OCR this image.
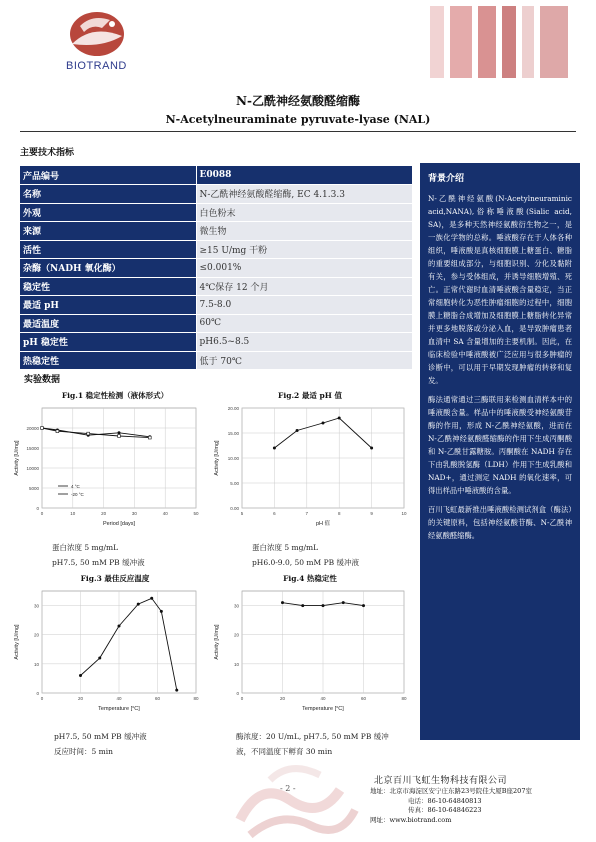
BIOTRAND
N-乙酰神经氨酸醛缩酶
N-Acetylneuraminate pyruvate-lyase (NAL)
主要技术指标
产品编号	E0088
名称	N-乙酰神经氨酸醛缩酶, EC 4.1.3.3
外观	白色粉末
来源	微生物
活性	≥15 U/mg 干粉
杂酶（NADH 氧化酶）	≤0.001%
稳定性	4℃保存 12 个月
最适 pH	7.5-8.0
最适温度	60℃
pH 稳定性	pH6.5~8.5
热稳定性	低于 70℃
背景介绍

N-乙酰神经氨酸(N-Acetylneuraminic acid,NANA),俗称唾液酸(Sialic acid, SA)，是多种天然神经氨酸衍生物之一，是一族化学物的总称。唾液酸存在于人体各种组织，唾液酸是真核细胞膜上糖蛋白、糖脂的重要组成部分，与细胞识别、分化及黏附有关，参与受体组成，并诱导细胞增殖、死亡。正常代谢时血清唾液酸含量稳定，当正常细胞转化为恶性肿瘤细胞的过程中，细胞膜上糖脂合成增加及细胞膜上糖脂转化异常并更多地脱落或分泌入血，是导致肿瘤患者血清中 SA 含量增加的主要机制。因此，在临床检验中唾液酸被广泛应用与很多肿瘤的诊断中，可以用于早期发现肿瘤的转移和复发。

酶法通常通过三酶联用来检测血清样本中的唾液酸含量。样品中的唾液酸受神经氨酸苷酶的作用，形成 N-乙酰神经氨酸，进而在 N-乙酰神经氨酸醛缩酶的作用下生成丙酮酸和 N-乙酰甘露糖胺。丙酮酸在 NADH 存在下由乳酸脱氢酶（LDH）作用下生成乳酸和 NAD+，通过测定 NADH 的氧化速率，可得出样品中唾液酸的含量。

百川飞虹最新推出唾液酸检测试剂盒（酶法）的关键原料，包括神经氨酸苷酶、N-乙酰神经氨酸醛缩酶。

实验数据
Fig.1 稳定性检测（液体形式）
0
5000
10000
15000
20000
0	10	20	30	40	50
Period [days]
Activity [U/mg]
4 °C
-20 °C
蛋白浓度 5 mg/mL
pH7.5, 50 mM PB 缓冲液
Fig.2 最适 pH 值
0.00
5.00
10.00
15.00
20.00
5	6	7	8	9	10
pH 值
Activity [U/mg]
蛋白浓度 5 mg/mL
pH6.0-9.0, 50 mM PB 缓冲液
Fig.3 最佳反应温度
0
10
20
30
0	20	40	60	80
Temperature [°C]
Activity [U/mg]
pH7.5, 50 mM PB 缓冲液
反应时间：5 min
Fig.4 热稳定性
0
10
20
30
0	20	40	60	80
Temperature [°C]
Activity [U/mg]
酶浓度：20 U/mL, pH7.5, 50 mM PB 缓冲
液，不同温度下孵育 30 min
- 2 -
北京百川飞虹生物科技有限公司
地址：北京市海淀区安宁庄东路23号院佳大厦B座207室
电话：86-10-64840813
传真：86-10-64846223
网址：www.biotrand.com
